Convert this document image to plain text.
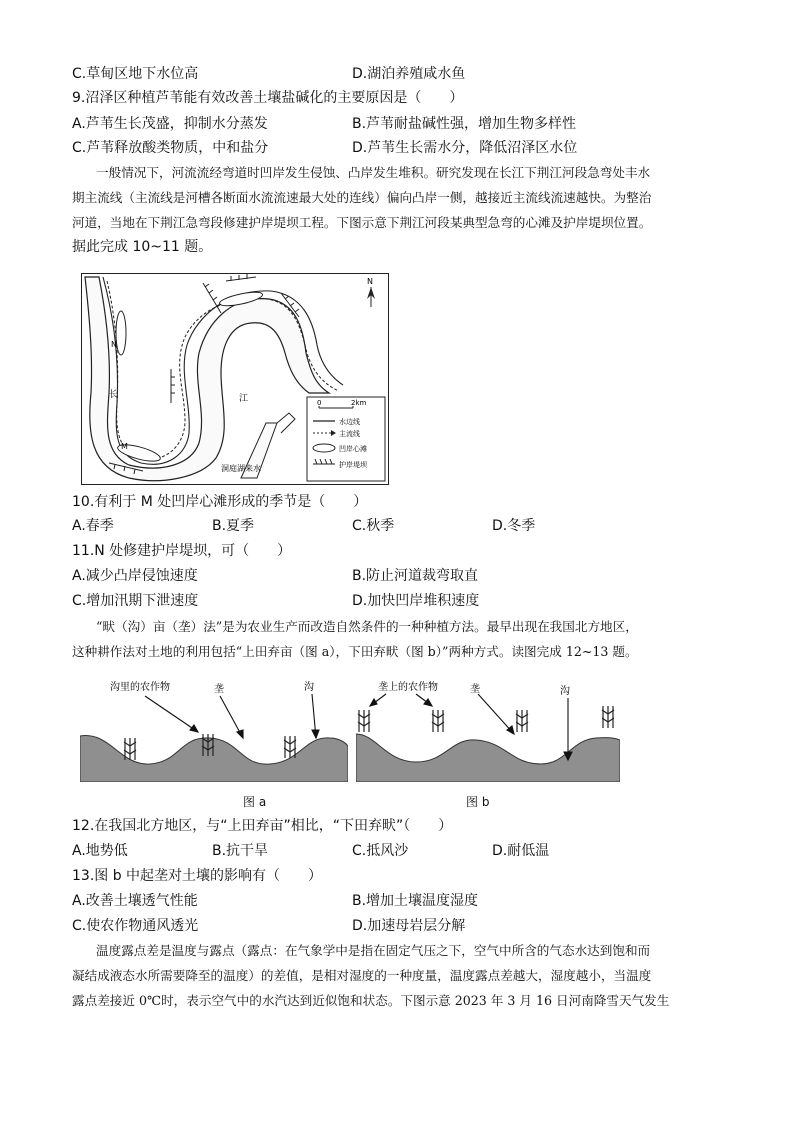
C.草甸区地下水位高	D.湖泊养殖咸水鱼
9.沼泽区种植芦苇能有效改善土壤盐碱化的主要原因是（　　）
A.芦苇生长茂盛，抑制水分蒸发	B.芦苇耐盐碱性强，增加生物多样性
C.芦苇释放酸类物质，中和盐分	D.芦苇生长需水分，降低沼泽区水位
一般情况下，河流流经弯道时凹岸发生侵蚀、凸岸发生堆积。研究发现在长江下荆江河段急弯处丰水
期主流线（主流线是河槽各断面水流流速最大处的连线）偏向凸岸一侧，越接近主流线流速越快。为整治
河道，当地在下荆江急弯段修建护岸堤坝工程。下图示意下荆江河段某典型急弯的心滩及护岸堤坝位置。
据此完成 10~11 题。
N
M
长	江
洞庭湖来水
N
0	2km
水边线
主流线
凹岸心滩
护岸堤坝
10.有利于 M 处凹岸心滩形成的季节是（　　）
A.春季	B.夏季	C.秋季	D.冬季
11.N 处修建护岸堤坝，可（　　）
A.减少凸岸侵蚀速度	B.防止河道裁弯取直
C.增加汛期下泄速度	D.加快凹岸堆积速度
“畎（沟）亩（垄）法”是为农业生产而改造自然条件的一种种植方法。最早出现在我国北方地区，
这种耕作法对土地的利用包括“上田弃亩（图 a），下田弃畎（图 b）”两种方式。读图完成 12~13 题。
沟里的农作物	垄	沟	垄上的农作物	垄	沟
图 a	图 b
12.在我国北方地区，与“上田弃亩”相比，“下田弃畎”（　　）
A.地势低	B.抗干旱	C.抵风沙	D.耐低温
13.图 b 中起垄对土壤的影响有（　　）
A.改善土壤透气性能	B.增加土壤温度湿度
C.使农作物通风透光	D.加速母岩层分解
温度露点差是温度与露点（露点：在气象学中是指在固定气压之下，空气中所含的气态水达到饱和而
凝结成液态水所需要降至的温度）的差值，是相对湿度的一种度量，温度露点差越大，湿度越小，当温度
露点差接近 0℃时，表示空气中的水汽达到近似饱和状态。下图示意 2023 年 3 月 16 日河南降雪天气发生
